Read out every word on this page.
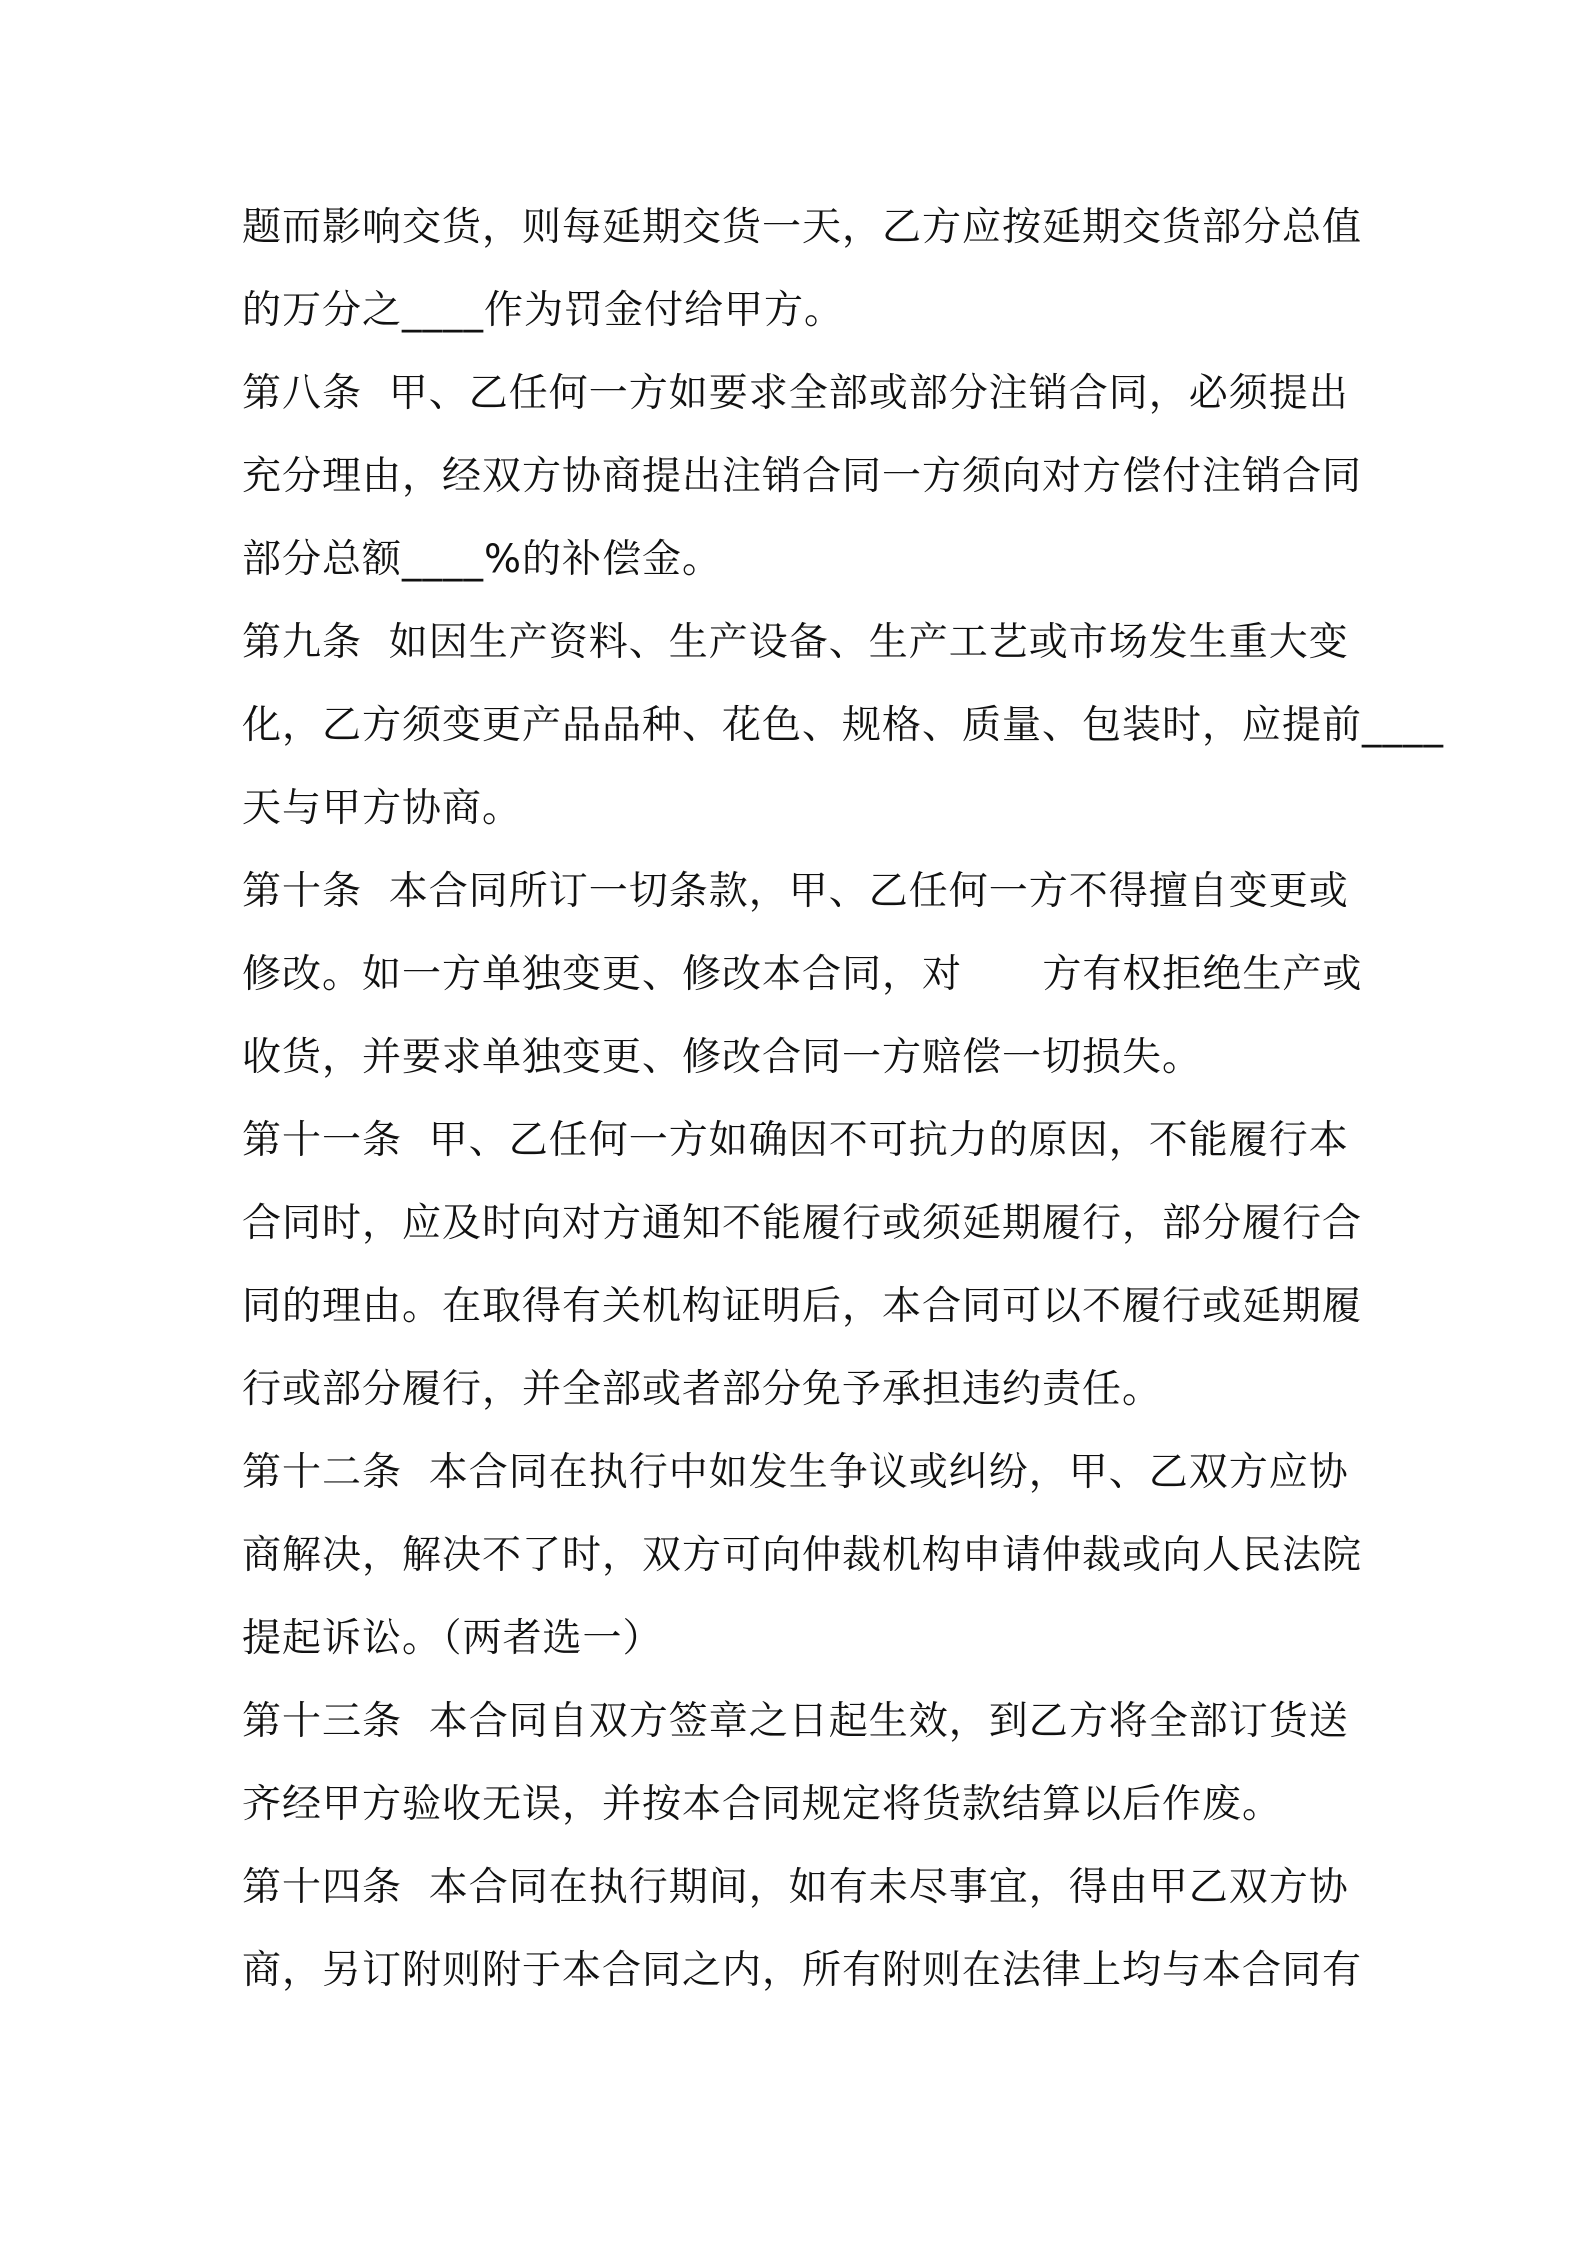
题而影响交货，则每延期交货一天，乙方应按延期交货部分总值
的万分之____作为罚金付给甲方。
第八条  甲、乙任何一方如要求全部或部分注销合同，必须提出
充分理由，经双方协商提出注销合同一方须向对方偿付注销合同
部分总额____%的补偿金。
第九条  如因生产资料、生产设备、生产工艺或市场发生重大变
化，乙方须变更产品品种、花色、规格、质量、包装时，应提前____
天与甲方协商。
第十条  本合同所订一切条款，甲、乙任何一方不得擅自变更或
修改。如一方单独变更、修改本合同，对      方有权拒绝生产或
收货，并要求单独变更、修改合同一方赔偿一切损失。
第十一条  甲、乙任何一方如确因不可抗力的原因，不能履行本
合同时，应及时向对方通知不能履行或须延期履行，部分履行合
同的理由。在取得有关机构证明后，本合同可以不履行或延期履
行或部分履行，并全部或者部分免予承担违约责任。
第十二条  本合同在执行中如发生争议或纠纷，甲、乙双方应协
商解决，解决不了时，双方可向仲裁机构申请仲裁或向人民法院
提起诉讼。（两者选一）
第十三条  本合同自双方签章之日起生效，到乙方将全部订货送
齐经甲方验收无误，并按本合同规定将货款结算以后作废。
第十四条  本合同在执行期间，如有未尽事宜，得由甲乙双方协
商，另订附则附于本合同之内，所有附则在法律上均与本合同有
